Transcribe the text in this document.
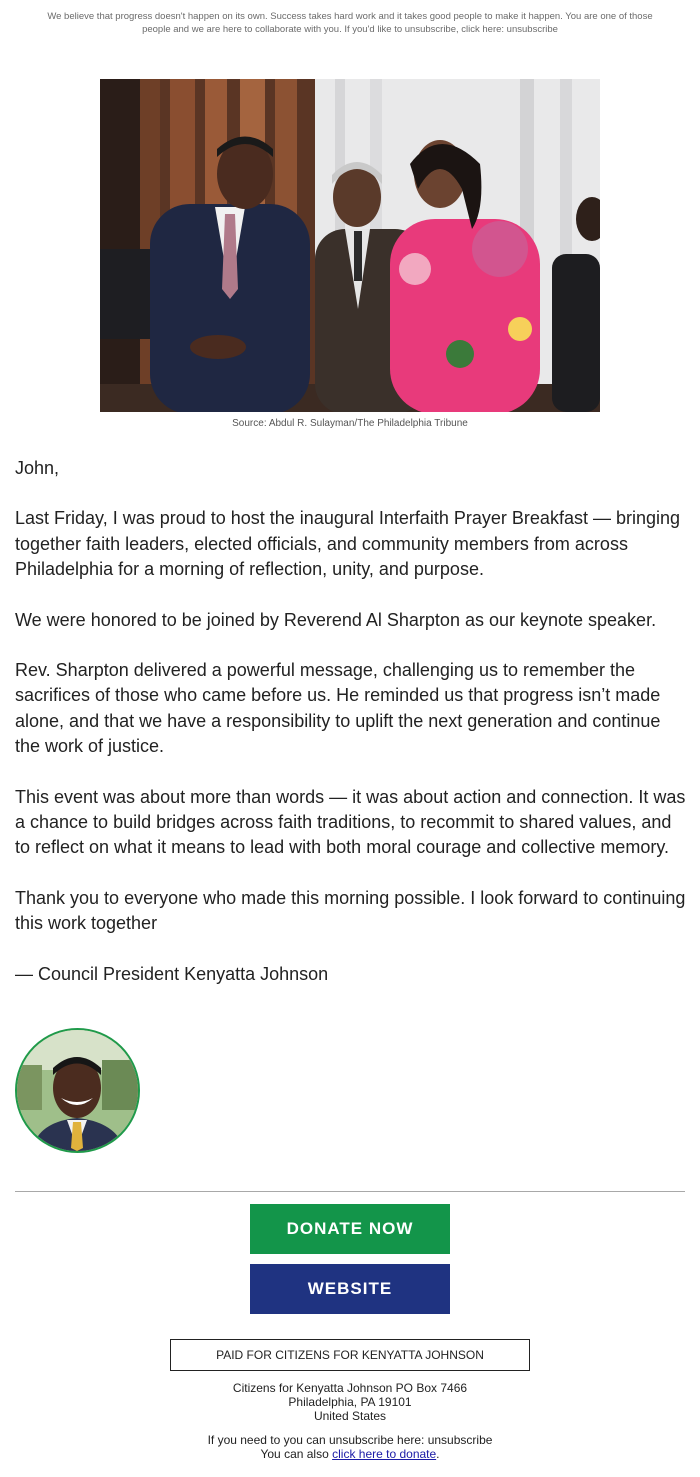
We believe that progress doesn't happen on its own. Success takes hard work and it takes good people to make it happen. You are one of those people and we are here to collaborate with you. If you'd like to unsubscribe, click here: unsubscribe
Source: Abdul R. Sulayman/The Philadelphia Tribune

John,

Last Friday, I was proud to host the inaugural Interfaith Prayer Breakfast — bringing together faith leaders, elected officials, and community members from across Philadelphia for a morning of reflection, unity, and purpose.

We were honored to be joined by Reverend Al Sharpton as our keynote speaker.

Rev. Sharpton delivered a powerful message, challenging us to remember the sacrifices of those who came before us. He reminded us that progress isn’t made alone, and that we have a responsibility to uplift the next generation and continue the work of justice.

This event was about more than words — it was about action and connection. It was a chance to build bridges across faith traditions, to recommit to shared values, and to reflect on what it means to lead with both moral courage and collective memory.

Thank you to everyone who made this morning possible. I look forward to continuing this work together

— Council President Kenyatta Johnson

DONATE NOW
WEBSITE
PAID FOR CITIZENS FOR KENYATTA JOHNSON
Citizens for Kenyatta Johnson PO Box 7466
Philadelphia, PA 19101
United States
If you need to you can unsubscribe here: unsubscribe
You can also click here to donate.
